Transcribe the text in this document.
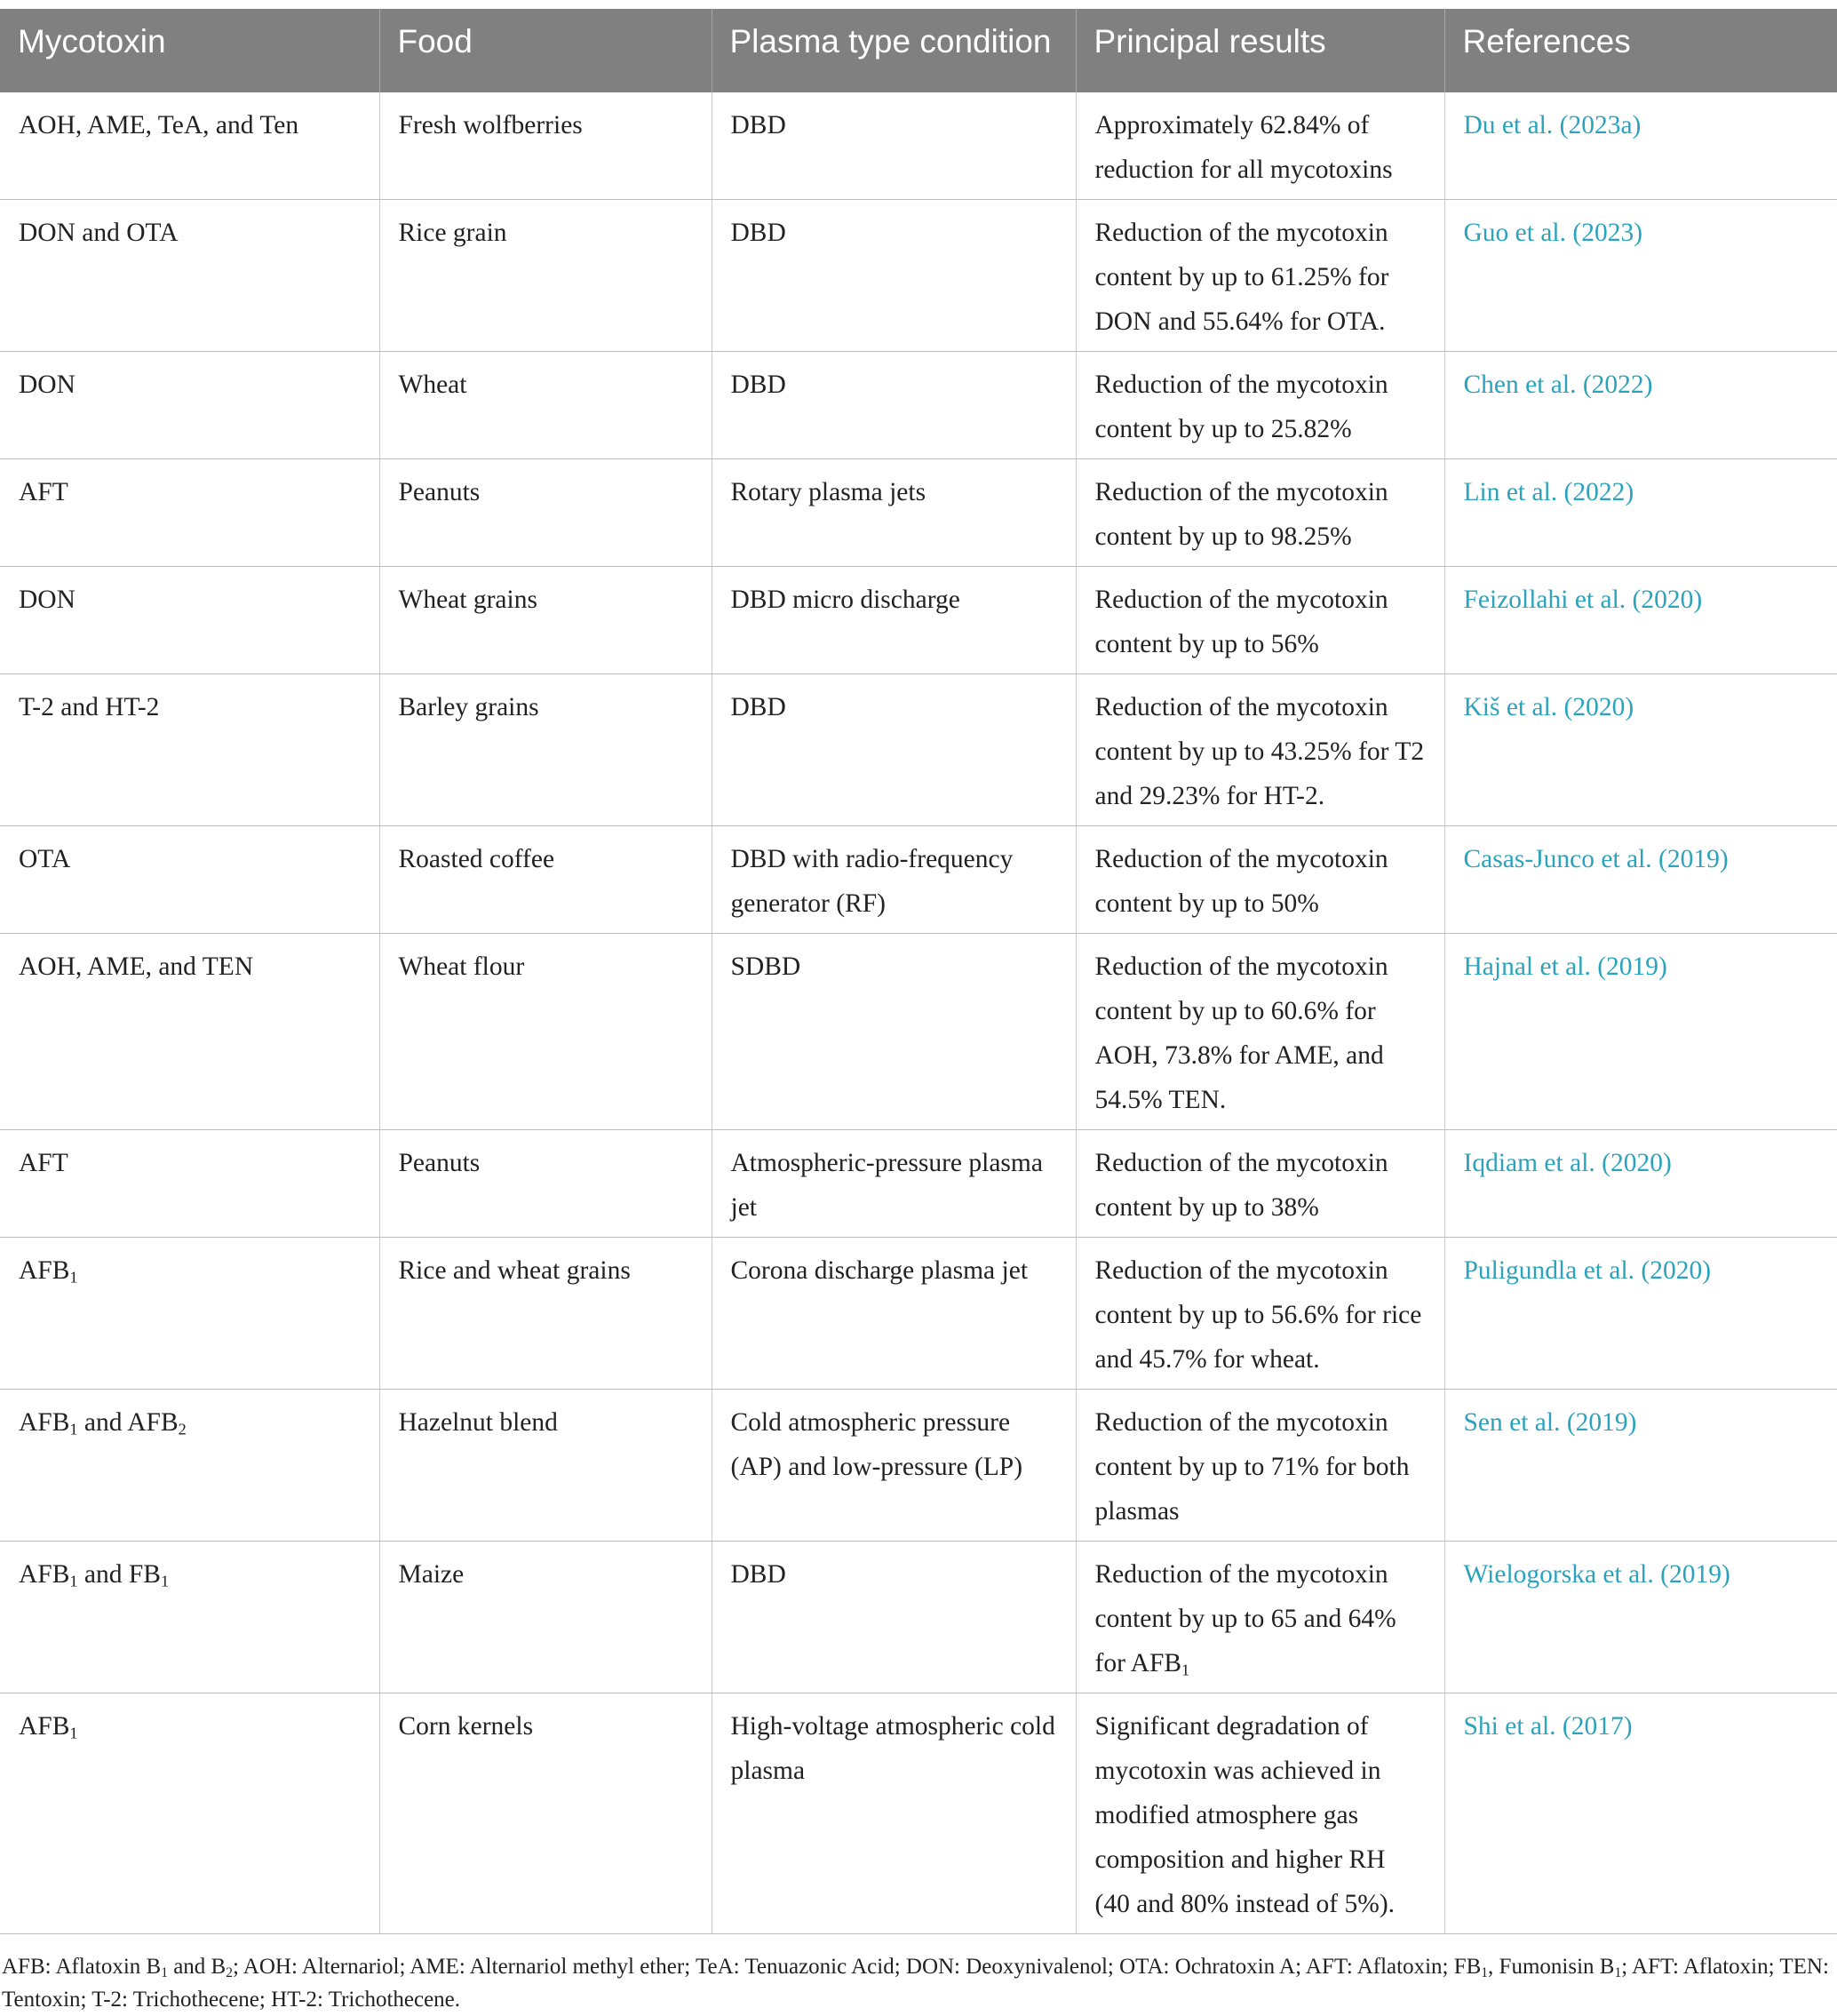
Mycotoxin	Food	Plasma type condition	Principal results	References
AOH, AME, TeA, and Ten	Fresh wolfberries	DBD	Approximately 62.84% of reduction for all mycotoxins	Du et al. (2023a)
DON and OTA	Rice grain	DBD	Reduction of the mycotoxin content by up to 61.25% for DON and 55.64% for OTA.	Guo et al. (2023)
DON	Wheat	DBD	Reduction of the mycotoxin content by up to 25.82%	Chen et al. (2022)
AFT	Peanuts	Rotary plasma jets	Reduction of the mycotoxin content by up to 98.25%	Lin et al. (2022)
DON	Wheat grains	DBD micro discharge	Reduction of the mycotoxin content by up to 56%	Feizollahi et al. (2020)
T-2 and HT-2	Barley grains	DBD	Reduction of the mycotoxin content by up to 43.25% for T2 and 29.23% for HT-2.	Kiš et al. (2020)
OTA	Roasted coffee	DBD with radio-frequency generator (RF)	Reduction of the mycotoxin content by up to 50%	Casas-Junco et al. (2019)
AOH, AME, and TEN	Wheat flour	SDBD	Reduction of the mycotoxin content by up to 60.6% for AOH, 73.8% for AME, and 54.5% TEN.	Hajnal et al. (2019)
AFT	Peanuts	Atmospheric-pressure plasma jet	Reduction of the mycotoxin content by up to 38%	Iqdiam et al. (2020)
$AFB_1$	Rice and wheat grains	Corona discharge plasma jet	Reduction of the mycotoxin content by up to 56.6% for rice and 45.7% for wheat.	Puligundla et al. (2020)
$AFB_1$ and $AFB_2$	Hazelnut blend	Cold atmospheric pressure (AP) and low-pressure (LP)	Reduction of the mycotoxin content by up to 71% for both plasmas	Sen et al. (2019)
$AFB_1$ and $FB_1$	Maize	DBD	Reduction of the mycotoxin content by up to 65 and 64% for $AFB_1$	Wielogorska et al. (2019)
$AFB_1$	Corn kernels	High-voltage atmospheric cold plasma	Significant degradation of mycotoxin was achieved in modified atmosphere gas composition and higher RH (40 and 80% instead of 5%).	Shi et al. (2017)

AFB: Aflatoxin $B_1$ and $B_2$; AOH: Alternariol; AME: Alternariol methyl ether; TeA: Tenuazonic Acid; DON: Deoxynivalenol; OTA: Ochratoxin A; AFT: Aflatoxin; $FB_1$, Fumonisin $B_1$; AFT: Aflatoxin; TEN: Tentoxin; T-2: Trichothecene; HT-2: Trichothecene.
